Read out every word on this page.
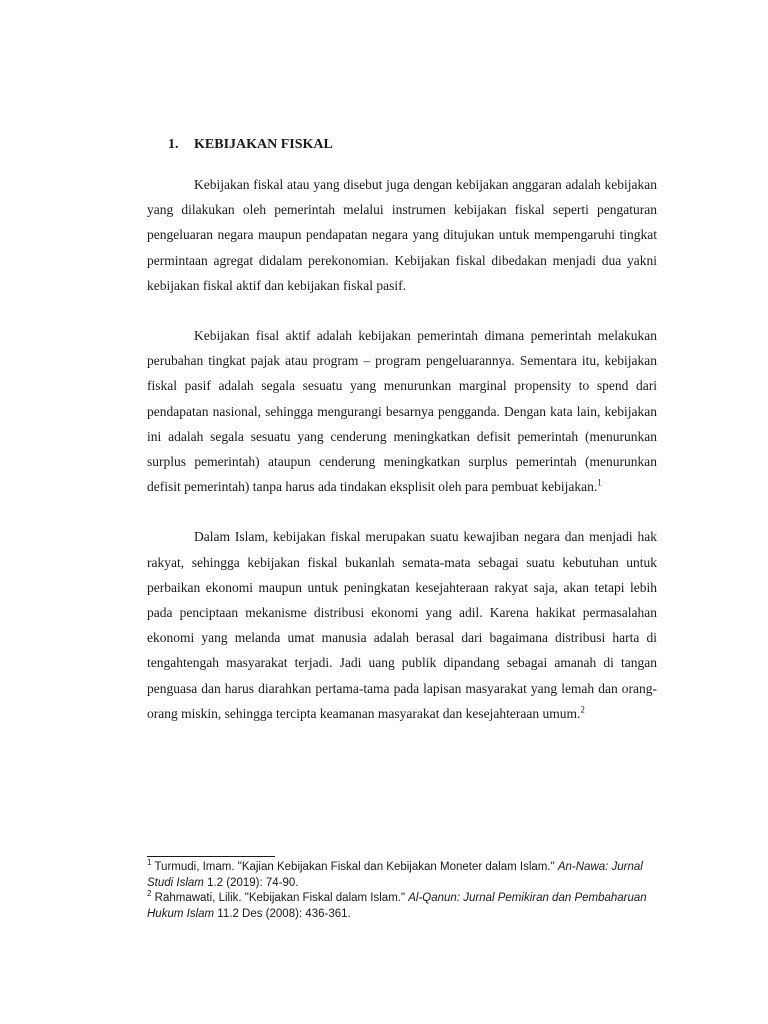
1. KEBIJAKAN FISKAL

Kebijakan fiskal atau yang disebut juga dengan kebijakan anggaran adalah kebijakan yang dilakukan oleh pemerintah melalui instrumen kebijakan fiskal seperti pengaturan pengeluaran negara maupun pendapatan negara yang ditujukan untuk mempengaruhi tingkat permintaan agregat didalam perekonomian. Kebijakan fiskal dibedakan menjadi dua yakni kebijakan fiskal aktif dan kebijakan fiskal pasif.

Kebijakan fisal aktif adalah kebijakan pemerintah dimana pemerintah melakukan perubahan tingkat pajak atau program – program pengeluarannya. Sementara itu, kebijakan fiskal pasif adalah segala sesuatu yang menurunkan marginal propensity to spend dari pendapatan nasional, sehingga mengurangi besarnya pengganda. Dengan kata lain, kebijakan ini adalah segala sesuatu yang cenderung meningkatkan defisit pemerintah (menurunkan surplus pemerintah) ataupun cenderung meningkatkan surplus pemerintah (menurunkan defisit pemerintah) tanpa harus ada tindakan eksplisit oleh para pembuat kebijakan.$^1$

Dalam Islam, kebijakan fiskal merupakan suatu kewajiban negara dan menjadi hak rakyat, sehingga kebijakan fiskal bukanlah semata-mata sebagai suatu kebutuhan untuk perbaikan ekonomi maupun untuk peningkatan kesejahteraan rakyat saja, akan tetapi lebih pada penciptaan mekanisme distribusi ekonomi yang adil. Karena hakikat permasalahan ekonomi yang melanda umat manusia adalah berasal dari bagaimana distribusi harta di tengahtengah masyarakat terjadi. Jadi uang publik dipandang sebagai amanah di tangan penguasa dan harus diarahkan pertama-tama pada lapisan masyarakat yang lemah dan orang-orang miskin, sehingga tercipta keamanan masyarakat dan kesejahteraan umum.$^2$

$^1$ Turmudi, Imam. "Kajian Kebijakan Fiskal dan Kebijakan Moneter dalam Islam." An-Nawa: Jurnal Studi Islam 1.2 (2019): 74-90.

$^2$ Rahmawati, Lilik. "Kebijakan Fiskal dalam Islam." Al-Qanun: Jurnal Pemikiran dan Pembaharuan Hukum Islam 11.2 Des (2008): 436-361.
